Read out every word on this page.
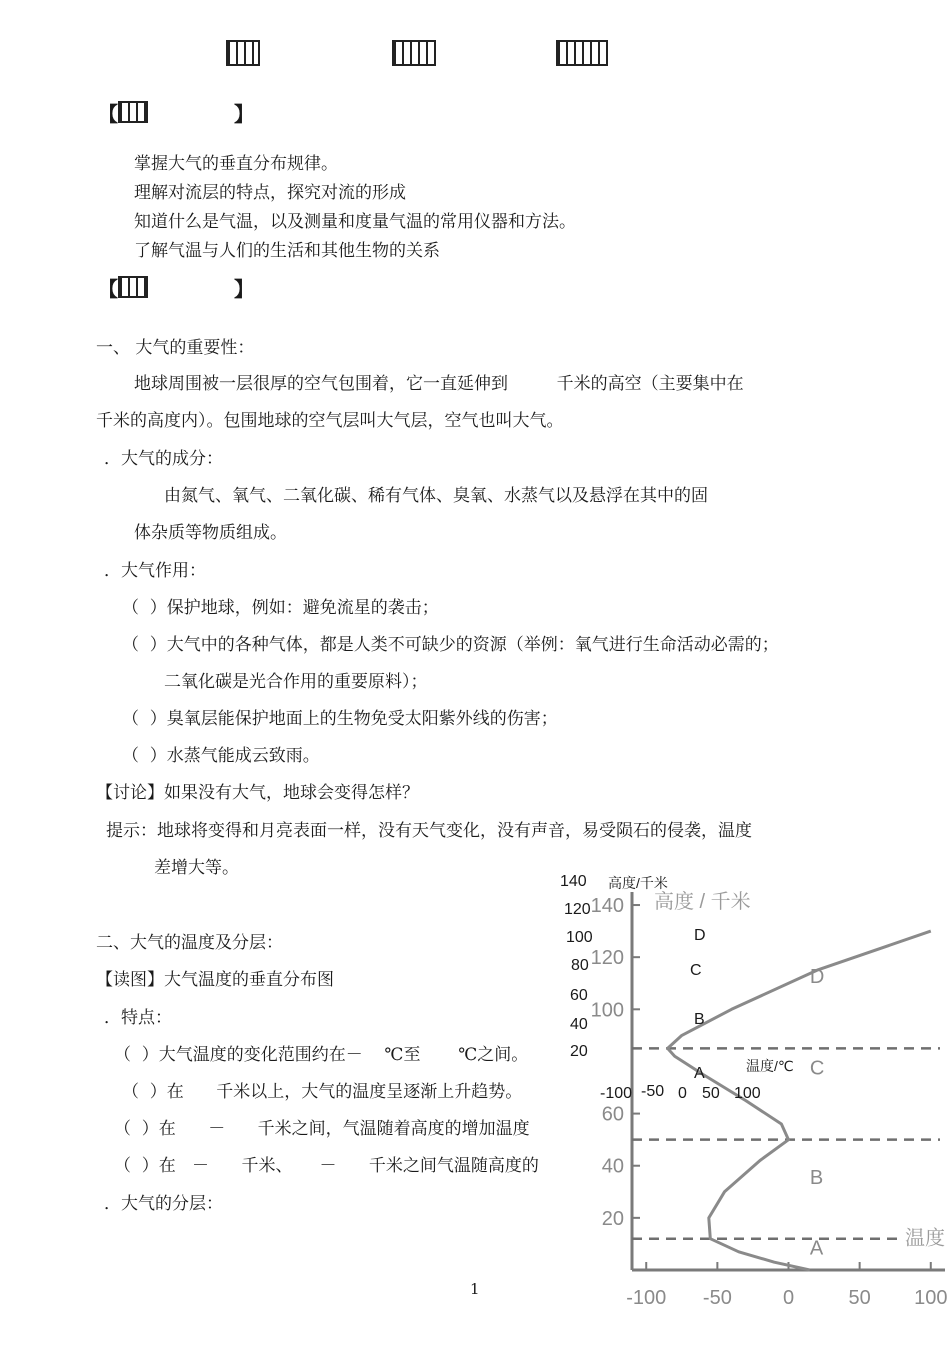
【	】
掌握大气的垂直分布规律。
理解对流层的特点，探究对流的形成
知道什么是气温，以及测量和度量气温的常用仪器和方法。
了解气温与人们的生活和其他生物的关系
【	】
一、 大气的重要性：
地球周围被一层很厚的空气包围着，它一直延伸到         千米的高空（主要集中在
千米的高度内）。包围地球的空气层叫大气层，空气也叫大气。
．大气的成分：
由氮气、氧气、二氧化碳、稀有气体、臭氧、水蒸气以及悬浮在其中的固
体杂质等物质组成。
．大气作用：
（  ）保护地球，例如：避免流星的袭击；
（  ）大气中的各种气体，都是人类不可缺少的资源（举例：氧气进行生命活动必需的；
二氧化碳是光合作用的重要原料）；
（  ）臭氧层能保护地面上的生物免受太阳紫外线的伤害；
（  ）水蒸气能成云致雨。
【讨论】如果没有大气，地球会变得怎样？
提示：地球将变得和月亮表面一样，没有天气变化，没有声音，易受陨石的侵袭，温度
差增大等。
二、大气的温度及分层：
【读图】大气温度的垂直分布图
．特点：
（  ）大气温度的变化范围约在－    ℃至       ℃之间。
（  ）在      千米以上，大气的温度呈逐渐上升趋势。
（  ）在      －      千米之间，气温随着高度的增加温度
（  ）在   －      千米、     －      千米之间气温随高度的
．大气的分层：
1
20
40
60
100
120
140
-100 -50	0	50 100
高度 / 千米
温度
A
B
C
D
140 高度/千米
120
100	D
80	C
60
B
40
20
温度/℃
A
-100 -50 0 50 100
